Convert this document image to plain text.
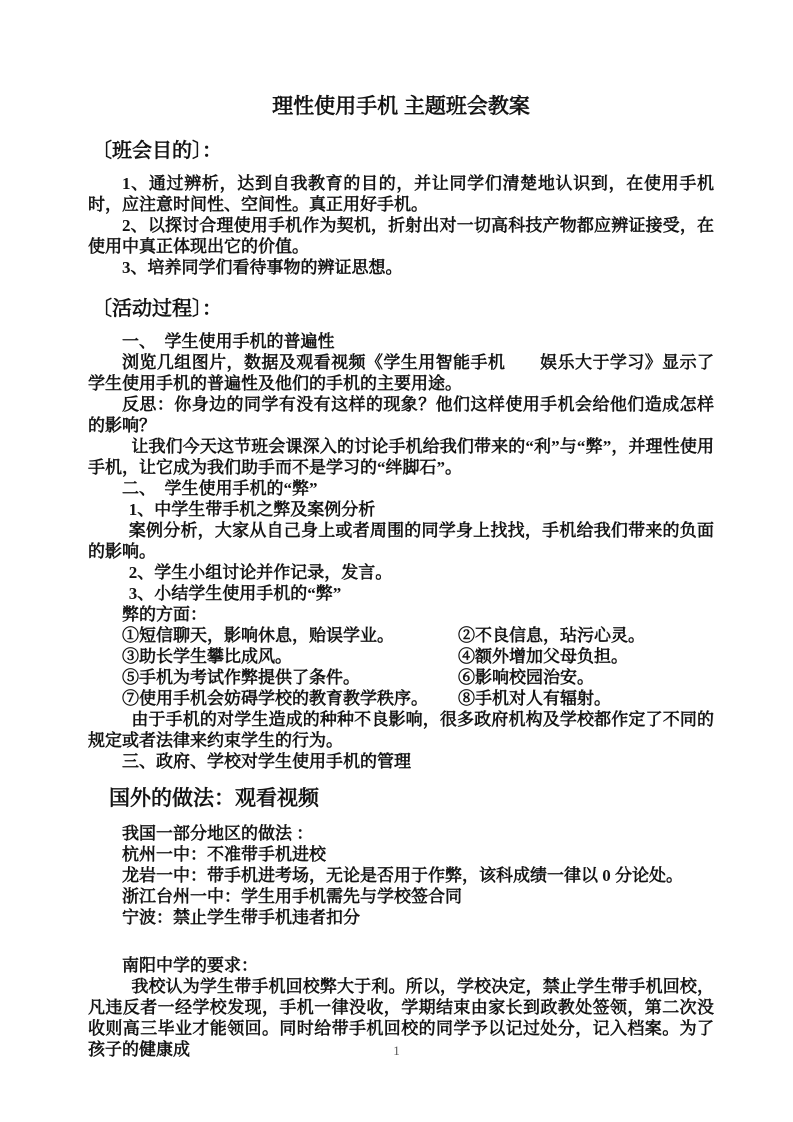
理性使用手机 主题班会教案
〔班会目的〕：

1、通过辨析，达到自我教育的目的，并让同学们清楚地认识到，在使用手机时，应注意时间性、空间性。真正用好手机。

2、以探讨合理使用手机作为契机，折射出对一切高科技产物都应辨证接受，在使用中真正体现出它的价值。

3、培养同学们看待事物的辨证思想。

〔活动过程〕：

一、　学生使用手机的普遍性

浏览几组图片，数据及观看视频《学生用智能手机　　娱乐大于学习》显示了学生使用手机的普遍性及他们的手机的主要用途。

反思：你身边的同学有没有这样的现象？他们这样使用手机会给他们造成怎样的影响？

让我们今天这节班会课深入的讨论手机给我们带来的“利”与“弊”，并理性使用手机，让它成为我们助手而不是学习的“绊脚石”。

二、　学生使用手机的“弊”

1、中学生带手机之弊及案例分析

案例分析，大家从自己身上或者周围的同学身上找找，手机给我们带来的负面的影响。

2、学生小组讨论并作记录，发言。

3、小结学生使用手机的“弊”

弊的方面：

①短信聊天，影响休息，贻误学业。	②不良信息，玷污心灵。
③助长学生攀比成风。	④额外增加父母负担。
⑤手机为考试作弊提供了条件。	⑥影响校园治安。
⑦使用手机会妨碍学校的教育教学秩序。	⑧手机对人有辐射。

由于手机的对学生造成的种种不良影响，很多政府机构及学校都作定了不同的规定或者法律来约束学生的行为。

三、政府、学校对学生使用手机的管理

国外的做法：观看视频

我国一部分地区的做法 ：

杭州一中：不准带手机进校

龙岩一中：带手机进考场，无论是否用于作弊，该科成绩一律以 0 分论处。

浙江台州一中：学生用手机需先与学校签合同

宁波：禁止学生带手机违者扣分

南阳中学的要求：

我校认为学生带手机回校弊大于利。所以，学校决定，禁止学生带手机回校，凡违反者一经学校发现，手机一律没收，学期结束由家长到政教处签领，第二次没收则高三毕业才能领回。同时给带手机回校的同学予以记过处分，记入档案。为了孩子的健康成	1
